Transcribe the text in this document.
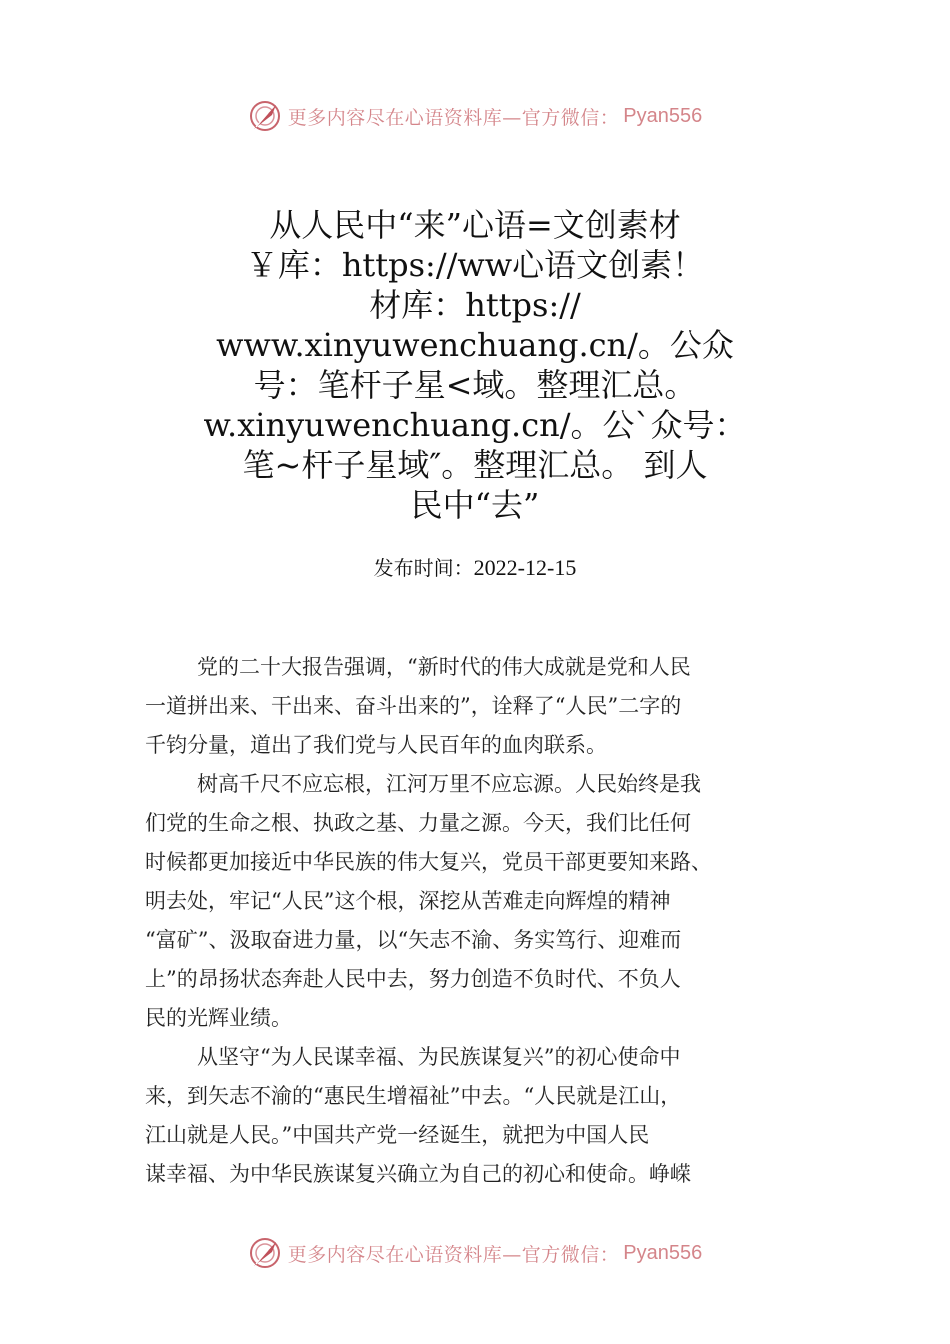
更多内容尽在心语资料库—官方微信： Pyan556
从人民中“来”心语=文创素材
￥库：https://ww心语文创素！
材库：https://
www.xinyuwenchuang.cn/。公众
号：笔杆子星<域。整理汇总。
w.xinyuwenchuang.cn/。公`众号：
笔~杆子星域″。整理汇总。 到人
民中“去”
发布时间：2022-12-15
党的二十大报告强调，“新时代的伟大成就是党和人民
一道拼出来、干出来、奋斗出来的”，诠释了“人民”二字的
千钧分量，道出了我们党与人民百年的血肉联系。
树高千尺不应忘根，江河万里不应忘源。人民始终是我
们党的生命之根、执政之基、力量之源。今天，我们比任何
时候都更加接近中华民族的伟大复兴，党员干部更要知来路、
明去处，牢记“人民”这个根，深挖从苦难走向辉煌的精神
“富矿”、汲取奋进力量，以“矢志不渝、务实笃行、迎难而
上”的昂扬状态奔赴人民中去，努力创造不负时代、不负人
民的光辉业绩。
从坚守“为人民谋幸福、为民族谋复兴”的初心使命中
来，到矢志不渝的“惠民生增福祉”中去。“人民就是江山，
江山就是人民。”中国共产党一经诞生，就把为中国人民
谋幸福、为中华民族谋复兴确立为自己的初心和使命。峥嵘
更多内容尽在心语资料库—官方微信： Pyan556
